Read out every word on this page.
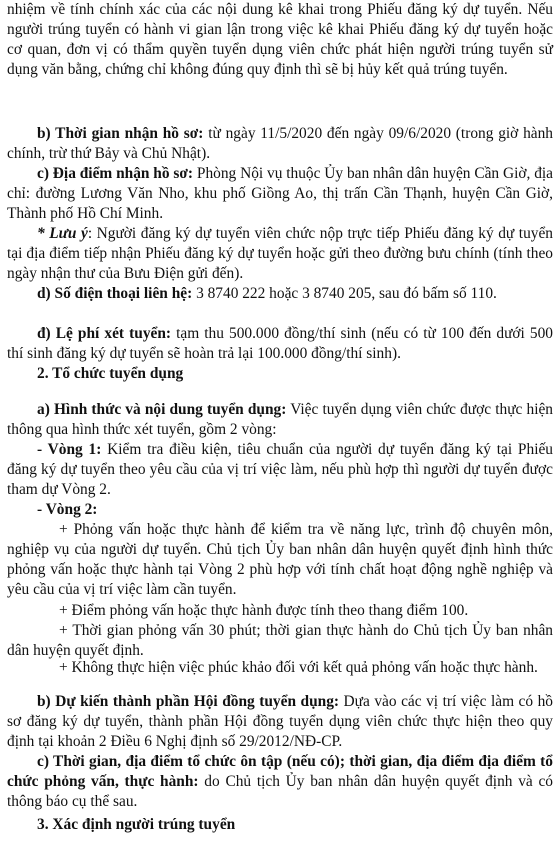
nhiệm về tính chính xác của các nội dung kê khai trong Phiếu đăng ký dự tuyển. Nếu người trúng tuyển có hành vi gian lận trong việc kê khai Phiếu đăng ký dự tuyển hoặc cơ quan, đơn vị có thẩm quyền tuyển dụng viên chức phát hiện người trúng tuyển sử dụng văn bằng, chứng chỉ không đúng quy định thì sẽ bị hủy kết quả trúng tuyển.

b) Thời gian nhận hồ sơ: từ ngày 11/5/2020 đến ngày 09/6/2020 (trong giờ hành chính, trừ thứ Bảy và Chủ Nhật).

c) Địa điểm nhận hồ sơ: Phòng Nội vụ thuộc Ủy ban nhân dân huyện Cần Giờ, địa chỉ: đường Lương Văn Nho, khu phố Giồng Ao, thị trấn Cần Thạnh, huyện Cần Giờ, Thành phố Hồ Chí Minh.

* Lưu ý: Người đăng ký dự tuyển viên chức nộp trực tiếp Phiếu đăng ký dự tuyển tại địa điểm tiếp nhận Phiếu đăng ký dự tuyển hoặc gửi theo đường bưu chính (tính theo ngày nhận thư của Bưu Điện gửi đến).

d) Số điện thoại liên hệ: 3 8740 222 hoặc 3 8740 205, sau đó bấm số 110.

đ) Lệ phí xét tuyển: tạm thu 500.000 đồng/thí sinh (nếu có từ 100 đến dưới 500 thí sinh đăng ký dự tuyển sẽ hoàn trả lại 100.000 đồng/thí sinh).

2. Tổ chức tuyển dụng

a) Hình thức và nội dung tuyển dụng: Việc tuyển dụng viên chức được thực hiện thông qua hình thức xét tuyển, gồm 2 vòng:

- Vòng 1: Kiểm tra điều kiện, tiêu chuẩn của người dự tuyển đăng ký tại Phiếu đăng ký dự tuyển theo yêu cầu của vị trí việc làm, nếu phù hợp thì người dự tuyển được tham dự Vòng 2.

- Vòng 2:

+ Phỏng vấn hoặc thực hành để kiểm tra về năng lực, trình độ chuyên môn, nghiệp vụ của người dự tuyển. Chủ tịch Ủy ban nhân dân huyện quyết định hình thức phỏng vấn hoặc thực hành tại Vòng 2 phù hợp với tính chất hoạt động nghề nghiệp và yêu cầu của vị trí việc làm cần tuyển.

+ Điểm phỏng vấn hoặc thực hành được tính theo thang điểm 100.

+ Thời gian phỏng vấn 30 phút; thời gian thực hành do Chủ tịch Ủy ban nhân dân huyện quyết định.

+ Không thực hiện việc phúc khảo đối với kết quả phỏng vấn hoặc thực hành.

b) Dự kiến thành phần Hội đồng tuyển dụng: Dựa vào các vị trí việc làm có hồ sơ đăng ký dự tuyển, thành phần Hội đồng tuyển dụng viên chức thực hiện theo quy định tại khoản 2 Điều 6 Nghị định số 29/2012/NĐ-CP.

c) Thời gian, địa điểm tổ chức ôn tập (nếu có); thời gian, địa điểm địa điểm tổ chức phỏng vấn, thực hành: do Chủ tịch Ủy ban nhân dân huyện quyết định và có thông báo cụ thể sau.

3. Xác định người trúng tuyển
